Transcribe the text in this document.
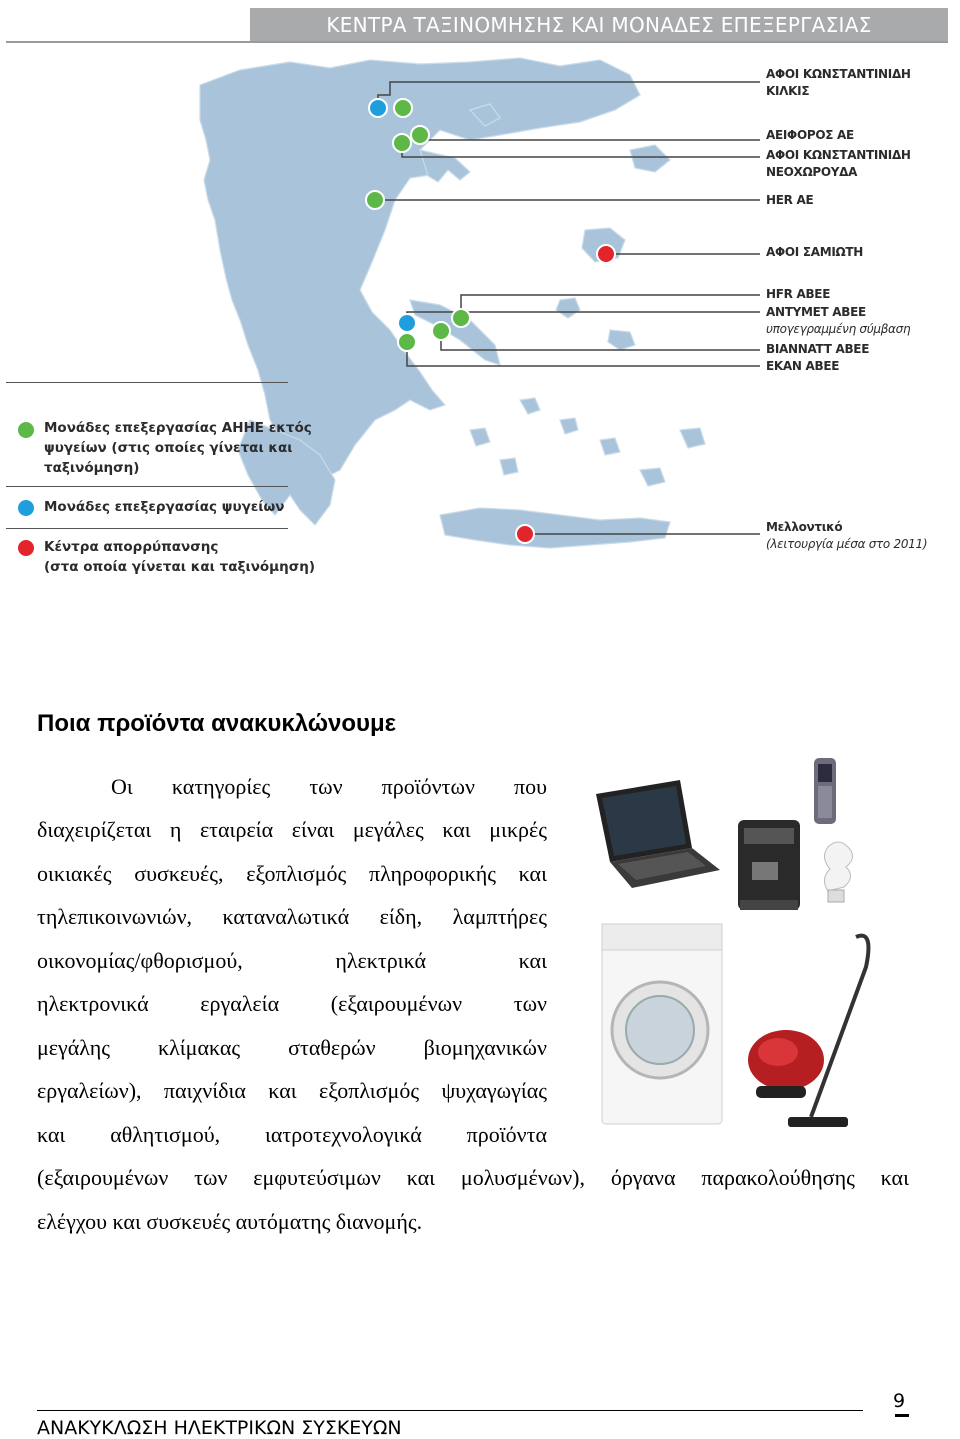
ΚΕΝΤΡΑ ΤΑΞΙΝΟΜΗΣΗΣ ΚΑΙ ΜΟΝΑΔΕΣ ΕΠΕΞΕΡΓΑΣΙΑΣ
ΑΦΟΙ ΚΩΝΣΤΑΝΤΙΝΙΔΗ
ΚΙΛΚΙΣ
ΑΕΙΦΟΡΟΣ ΑΕ
ΑΦΟΙ ΚΩΝΣΤΑΝΤΙΝΙΔΗ
ΝΕΟΧΩΡΟΥΔΑ
HER AE
ΑΦΟΙ ΣΑΜΙΩΤΗ
HFR ABEE
ANTYMET ABEE
υπογεγραμμένη σύμβαση
BIANNATT ABEE
EKAN ABEE
Μελλοντικό
(λειτουργία μέσα στο 2011)
Μονάδες επεξεργασίας ΑΗΗΕ εκτός
ψυγείων (στις οποίες γίνεται και
ταξινόμηση)
Μονάδες επεξεργασίας ψυγείων
Κέντρα απορρύπανσης
(στα οποία γίνεται και ταξινόμηση)
Ποια προϊόντα ανακυκλώνουμε
Οι κατηγορίες των προϊόντων που
διαχειρίζεται η εταιρεία είναι μεγάλες και μικρές
οικιακές συσκευές, εξοπλισμός πληροφορικής και
τηλεπικοινωνιών, καταναλωτικά είδη, λαμπτήρες
οικονομίας/φθορισμού, ηλεκτρικά και
ηλεκτρονικά εργαλεία (εξαιρουμένων των
μεγάλης κλίμακας σταθερών βιομηχανικών
εργαλείων), παιχνίδια και εξοπλισμός ψυχαγωγίας
και αθλητισμού, ιατροτεχνολογικά προϊόντα
(εξαιρουμένων των εμφυτεύσιμων και μολυσμένων), όργανα παρακολούθησης και
ελέγχου και συσκευές αυτόματης διανομής.
ΑΝΑΚΥΚΛΩΣΗ ΗΛΕΚΤΡΙΚΩΝ ΣΥΣΚΕΥΩΝ
9
